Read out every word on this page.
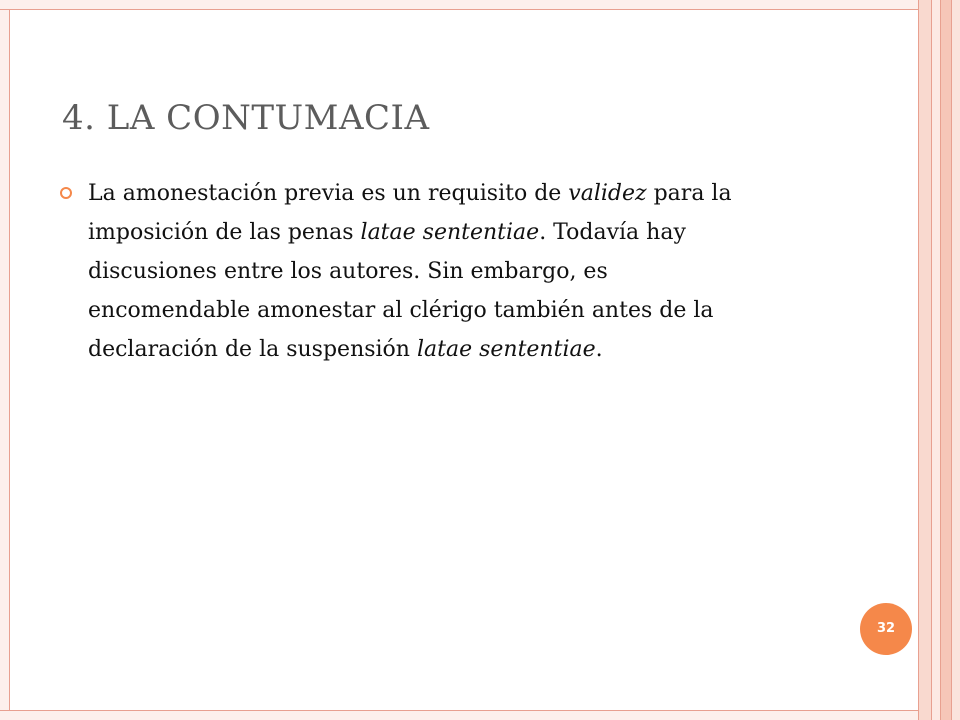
4. LA CONTUMACIA

La amonestación previa es un requisito de validez para la imposición de las penas latae sententiae. Todavía hay discusiones entre los autores. Sin embargo, es encomendable amonestar al clérigo también antes de la declaración de la suspensión latae sententiae.

32
